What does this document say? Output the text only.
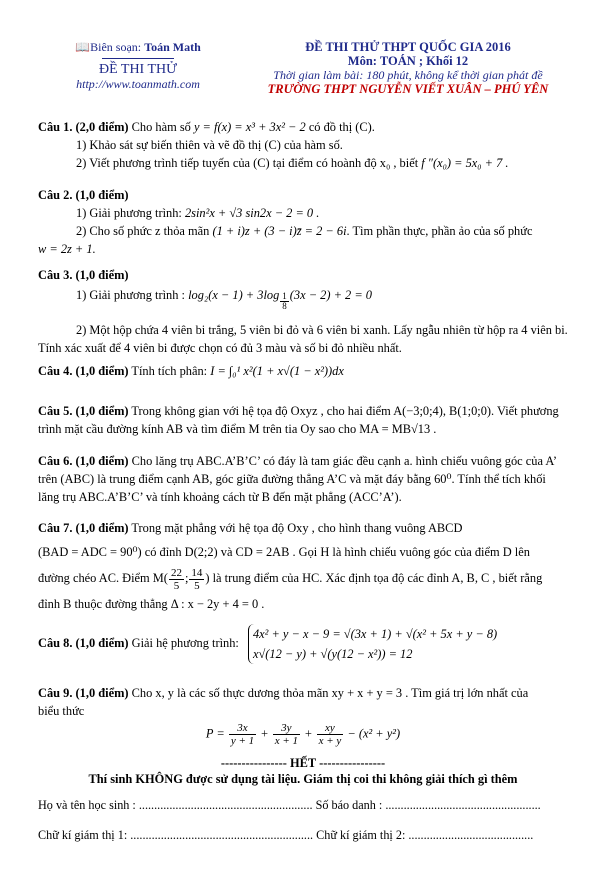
📖Biên soạn: Toán Math
ĐỀ THI THỬ
http://www.toanmath.com
ĐỀ THI THỬ THPT QUỐC GIA 2016
Môn: TOÁN ; Khối 12
Thời gian làm bài: 180 phút, không kể thời gian phát đề
TRƯỜNG THPT NGUYỄN VIẾT XUÂN – PHÚ YÊN
Câu 1. (2,0 điểm) Cho hàm số y = f(x) = x³ + 3x² − 2 có đồ thị (C).
1) Khảo sát sự biến thiên và vẽ đồ thị (C) của hàm số.
2) Viết phương trình tiếp tuyến của (C) tại điểm có hoành độ x₀ , biết f ″(x₀) = 5x₀ + 7 .
Câu 2. (1,0 điểm)
1) Giải phương trình: 2sin²x + √3 sin2x − 2 = 0 .
2) Cho số phức z thỏa mãn (1 + i)z + (3 − i)z̄ = 2 − 6i. Tìm phần thực, phần ảo của số phức
w = 2z + 1.
Câu 3. (1,0 điểm)
1) Giải phương trình : $\log_2(x - 1) + 3\log \frac{1}{8} (3x - 2) + 2 = 0$
2) Một hộp chứa 4 viên bi trắng, 5 viên bi đỏ và 6 viên bi xanh. Lấy ngẫu nhiên từ hộp ra 4 viên bi. Tính xác xuất để 4 viên bi được chọn có đủ 3 màu và số bi đỏ nhiều nhất.
Câu 4. (1,0 điểm) Tính tích phân: I = ∫₀¹ x²(1 + x√(1 − x²))dx
Câu 5. (1,0 điểm) Trong không gian với hệ tọa độ Oxyz , cho hai điểm A(−3;0;4), B(1;0;0). Viết phương trình mặt cầu đường kính AB và tìm điểm M trên tia Oy sao cho MA = MB√13 .
Câu 6. (1,0 điểm) Cho lăng trụ ABC.A’B’C’ có đáy là tam giác đều cạnh a. hình chiếu vuông góc của A’ trên (ABC) là trung điểm cạnh AB, góc giữa đường thẳng A’C và mặt đáy bằng 60⁰. Tính thể tích khối lăng trụ ABC.A’B’C’ và tính khoảng cách từ B đến mặt phẳng (ACC’A’).
Câu 7. (1,0 điểm) Trong mặt phẳng với hệ tọa độ Oxy , cho hình thang vuông ABCD
(BAD = ADC = 90⁰) có đỉnh D(2;2) và CD = 2AB . Gọi H là hình chiếu vuông góc của điểm D lên
đường chéo AC. Điểm $M( \frac{22}{5}$ ; $\frac{14}{5}$ ) là trung điểm của HC. Xác định tọa độ các đỉnh A, B, C , biết rằng
đỉnh B thuộc đường thẳng Δ : x − 2y + 4 = 0 .
Câu 8. (1,0 điểm) Giải hệ phương trình:
4x² + y − x − 9 = √(3x + 1) + √(x² + 5x + y − 8)
x√(12 − y) + √(y(12 − x²)) = 12
Câu 9. (1,0 điểm) Cho x, y là các số thực dương thỏa mãn xy + x + y = 3 . Tìm giá trị lớn nhất của
biểu thức
$P = \frac{3x}{y + 1} + \frac{3y}{x + 1} + \frac{xy}{x + y} - (x^2 + y^2)$
---------------- HẾT ----------------
Thí sinh KHÔNG được sử dụng tài liệu. Giám thị coi thi không giải thích gì thêm
Họ và tên học sinh : ......................................................... Số báo danh : ...................................................
Chữ kí giám thị 1: ............................................................ Chữ kí giám thị 2: .........................................
